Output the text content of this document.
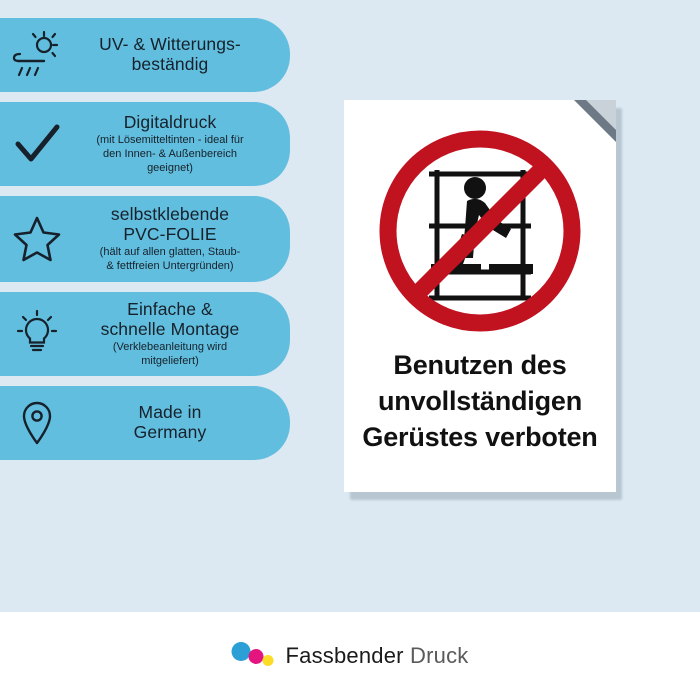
UV- & Witterungs-
beständig
Digitaldruck
(mit Lösemitteltinten - ideal für
den Innen- & Außenbereich
geeignet)
selbstklebende
PVC-FOLIE
(hält auf allen glatten, Staub-
& fettfreien Untergründen)
Einfache &
schnelle Montage
(Verklebeanleitung wird
mitgeliefert)
Made in
Germany
Benutzen des
unvollständigen
Gerüstes verboten
Fassbender Druck
